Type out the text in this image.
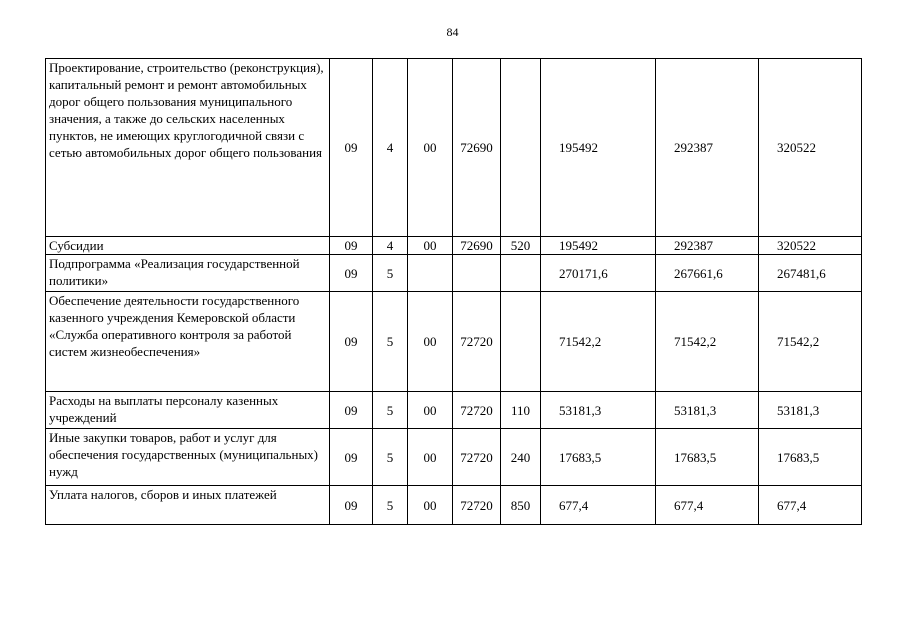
84
Проектирование, строительство (реконструкция), капитальный ремонт и ремонт автомобильных дорог общего пользования муниципального значения, а также до сельских населенных пунктов, не имеющих круглогодичной связи с сетью автомобильных дорог общего пользования	09	4	00	72690		195492	292387	320522
Субсидии	09	4	00	72690	520	195492	292387	320522
Подпрограмма «Реализация государственной политики»	09	5				270171,6	267661,6	267481,6
Обеспечение деятельности государственного казенного учреждения Кемеровской области «Служба оперативного контроля за работой систем жизнеобеспечения»	09	5	00	72720		71542,2	71542,2	71542,2
Расходы на выплаты персоналу казенных учреждений	09	5	00	72720	110	53181,3	53181,3	53181,3
Иные закупки товаров, работ и услуг для обеспечения государственных (муниципальных) нужд	09	5	00	72720	240	17683,5	17683,5	17683,5
Уплата налогов, сборов и иных платежей	09	5	00	72720	850	677,4	677,4	677,4
